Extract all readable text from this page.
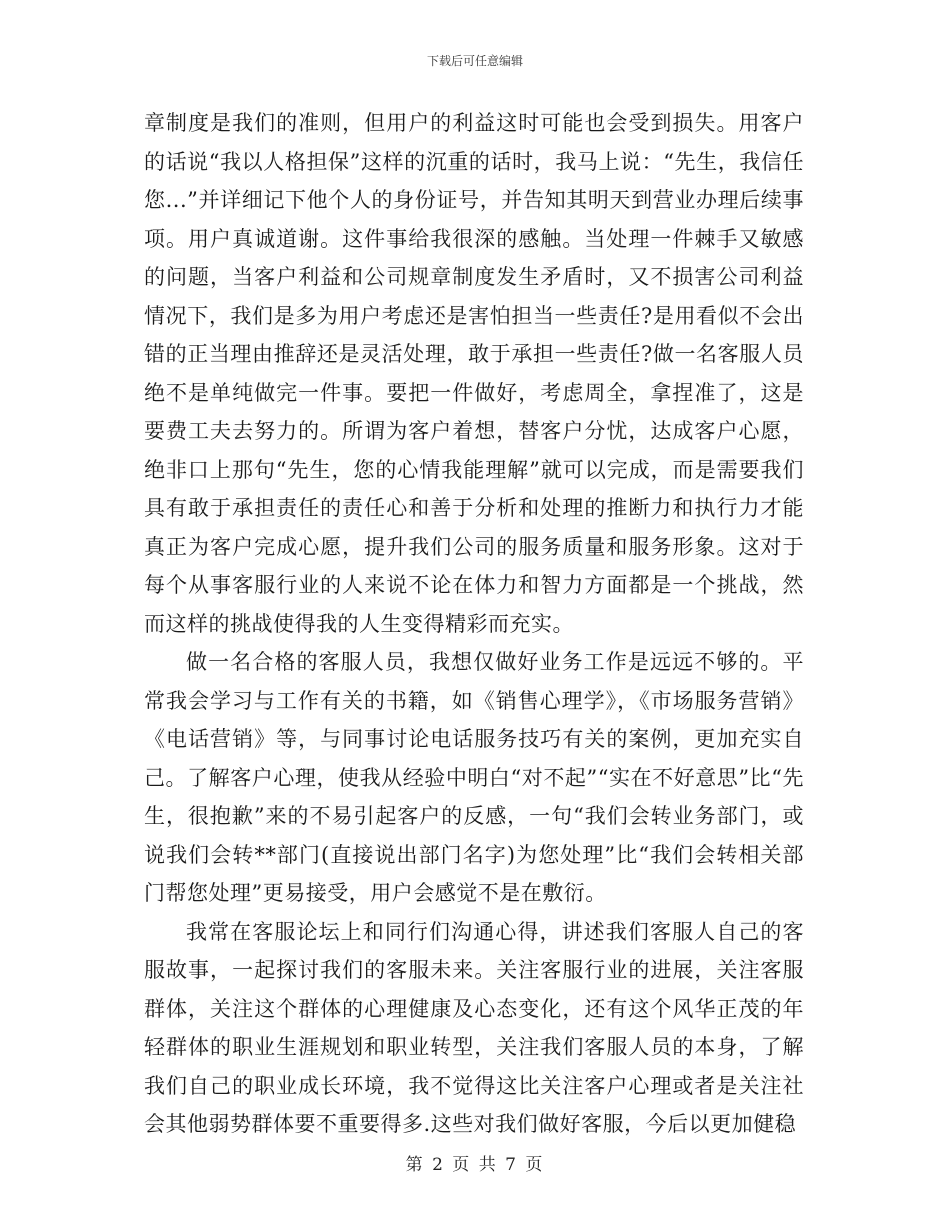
下载后可任意编辑

章制度是我们的准则，但用户的利益这时可能也会受到损失。用客户的话说“我以人格担保”这样的沉重的话时，我马上说：“先生，我信任您...”并详细记下他个人的身份证号，并告知其明天到营业办理后续事项。用户真诚道谢。这件事给我很深的感触。当处理一件棘手又敏感的问题，当客户利益和公司规章制度发生矛盾时，又不损害公司利益情况下，我们是多为用户考虑还是害怕担当一些责任?是用看似不会出错的正当理由推辞还是灵活处理，敢于承担一些责任?做一名客服人员绝不是单纯做完一件事。要把一件做好，考虑周全，拿捏准了，这是要费工夫去努力的。所谓为客户着想，替客户分忧，达成客户心愿，绝非口上那句“先生，您的心情我能理解”就可以完成，而是需要我们具有敢于承担责任的责任心和善于分析和处理的推断力和执行力才能真正为客户完成心愿，提升我们公司的服务质量和服务形象。这对于每个从事客服行业的人来说不论在体力和智力方面都是一个挑战，然而这样的挑战使得我的人生变得精彩而充实。

做一名合格的客服人员，我想仅做好业务工作是远远不够的。平常我会学习与工作有关的书籍，如《销售心理学》，《市场服务营销》《电话营销》等，与同事讨论电话服务技巧有关的案例，更加充实自己。了解客户心理，使我从经验中明白“对不起”“实在不好意思”比“先生，很抱歉”来的不易引起客户的反感，一句“我们会转业务部门，或说我们会转**部门(直接说出部门名字)为您处理”比“我们会转相关部门帮您处理”更易接受，用户会感觉不是在敷衍。

我常在客服论坛上和同行们沟通心得，讲述我们客服人自己的客服故事，一起探讨我们的客服未来。关注客服行业的进展，关注客服群体，关注这个群体的心理健康及心态变化，还有这个风华正茂的年轻群体的职业生涯规划和职业转型，关注我们客服人员的本身，了解我们自己的职业成长环境，我不觉得这比关注客户心理或者是关注社会其他弱势群体要不重要得多.这些对我们做好客服，今后以更加健稳

第 2 页 共 7 页
